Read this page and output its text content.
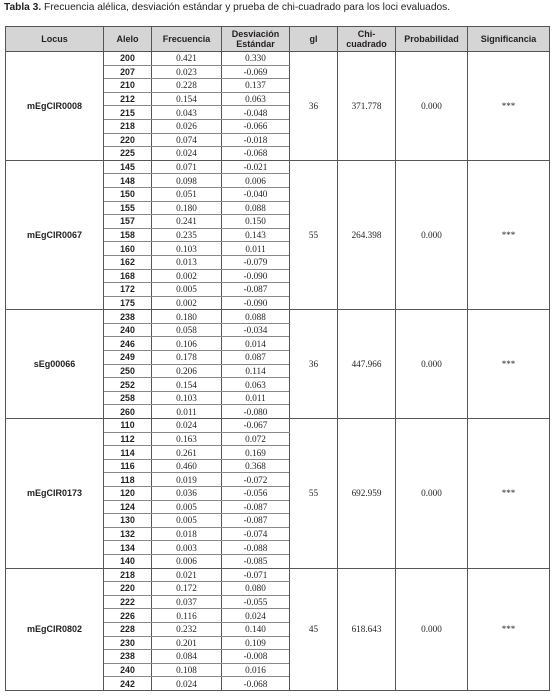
Tabla 3. Frecuencia alélica, desviación estándar y prueba de chi-cuadrado para los loci evaluados.
Locus	Alelo	Frecuencia	Desviación Estándar	gl	Chi-cuadrado	Probabilidad	Significancia
mEgCIR0008	200	0.421	0.330	36	371.778	0.000	***
	207	0.023	-0.069				
	210	0.228	0.137				
	212	0.154	0.063				
	215	0.043	-0.048				
	218	0.026	-0.066				
	220	0.074	-0.018				
	225	0.024	-0.068				
mEgCIR0067	145	0.071	-0.021	55	264.398	0.000	***
	148	0.098	0.006				
	150	0.051	-0.040				
	155	0.180	0.088				
	157	0.241	0.150				
	158	0.235	0.143				
	160	0.103	0.011				
	162	0.013	-0.079				
	168	0.002	-0.090				
	172	0.005	-0.087				
	175	0.002	-0.090				
sEg00066	238	0.180	0.088	36	447.966	0.000	***
	240	0.058	-0.034				
	246	0.106	0.014				
	249	0.178	0.087				
	250	0.206	0.114				
	252	0.154	0.063				
	258	0.103	0.011				
	260	0.011	-0.080				
mEgCIR0173	110	0.024	-0.067	55	692.959	0.000	***
	112	0.163	0.072				
	114	0.261	0.169				
	116	0.460	0.368				
	118	0.019	-0.072				
	120	0.036	-0.056				
	124	0.005	-0.087				
	130	0.005	-0.087				
	132	0.018	-0.074				
	134	0.003	-0.088				
	140	0.006	-0.085				
mEgCIR0802	218	0.021	-0.071	45	618.643	0.000	***
	220	0.172	0.080				
	222	0.037	-0.055				
	226	0.116	0.024				
	228	0.232	0.140				
	230	0.201	0.109				
	238	0.084	-0.008				
	240	0.108	0.016				
	242	0.024	-0.068				
